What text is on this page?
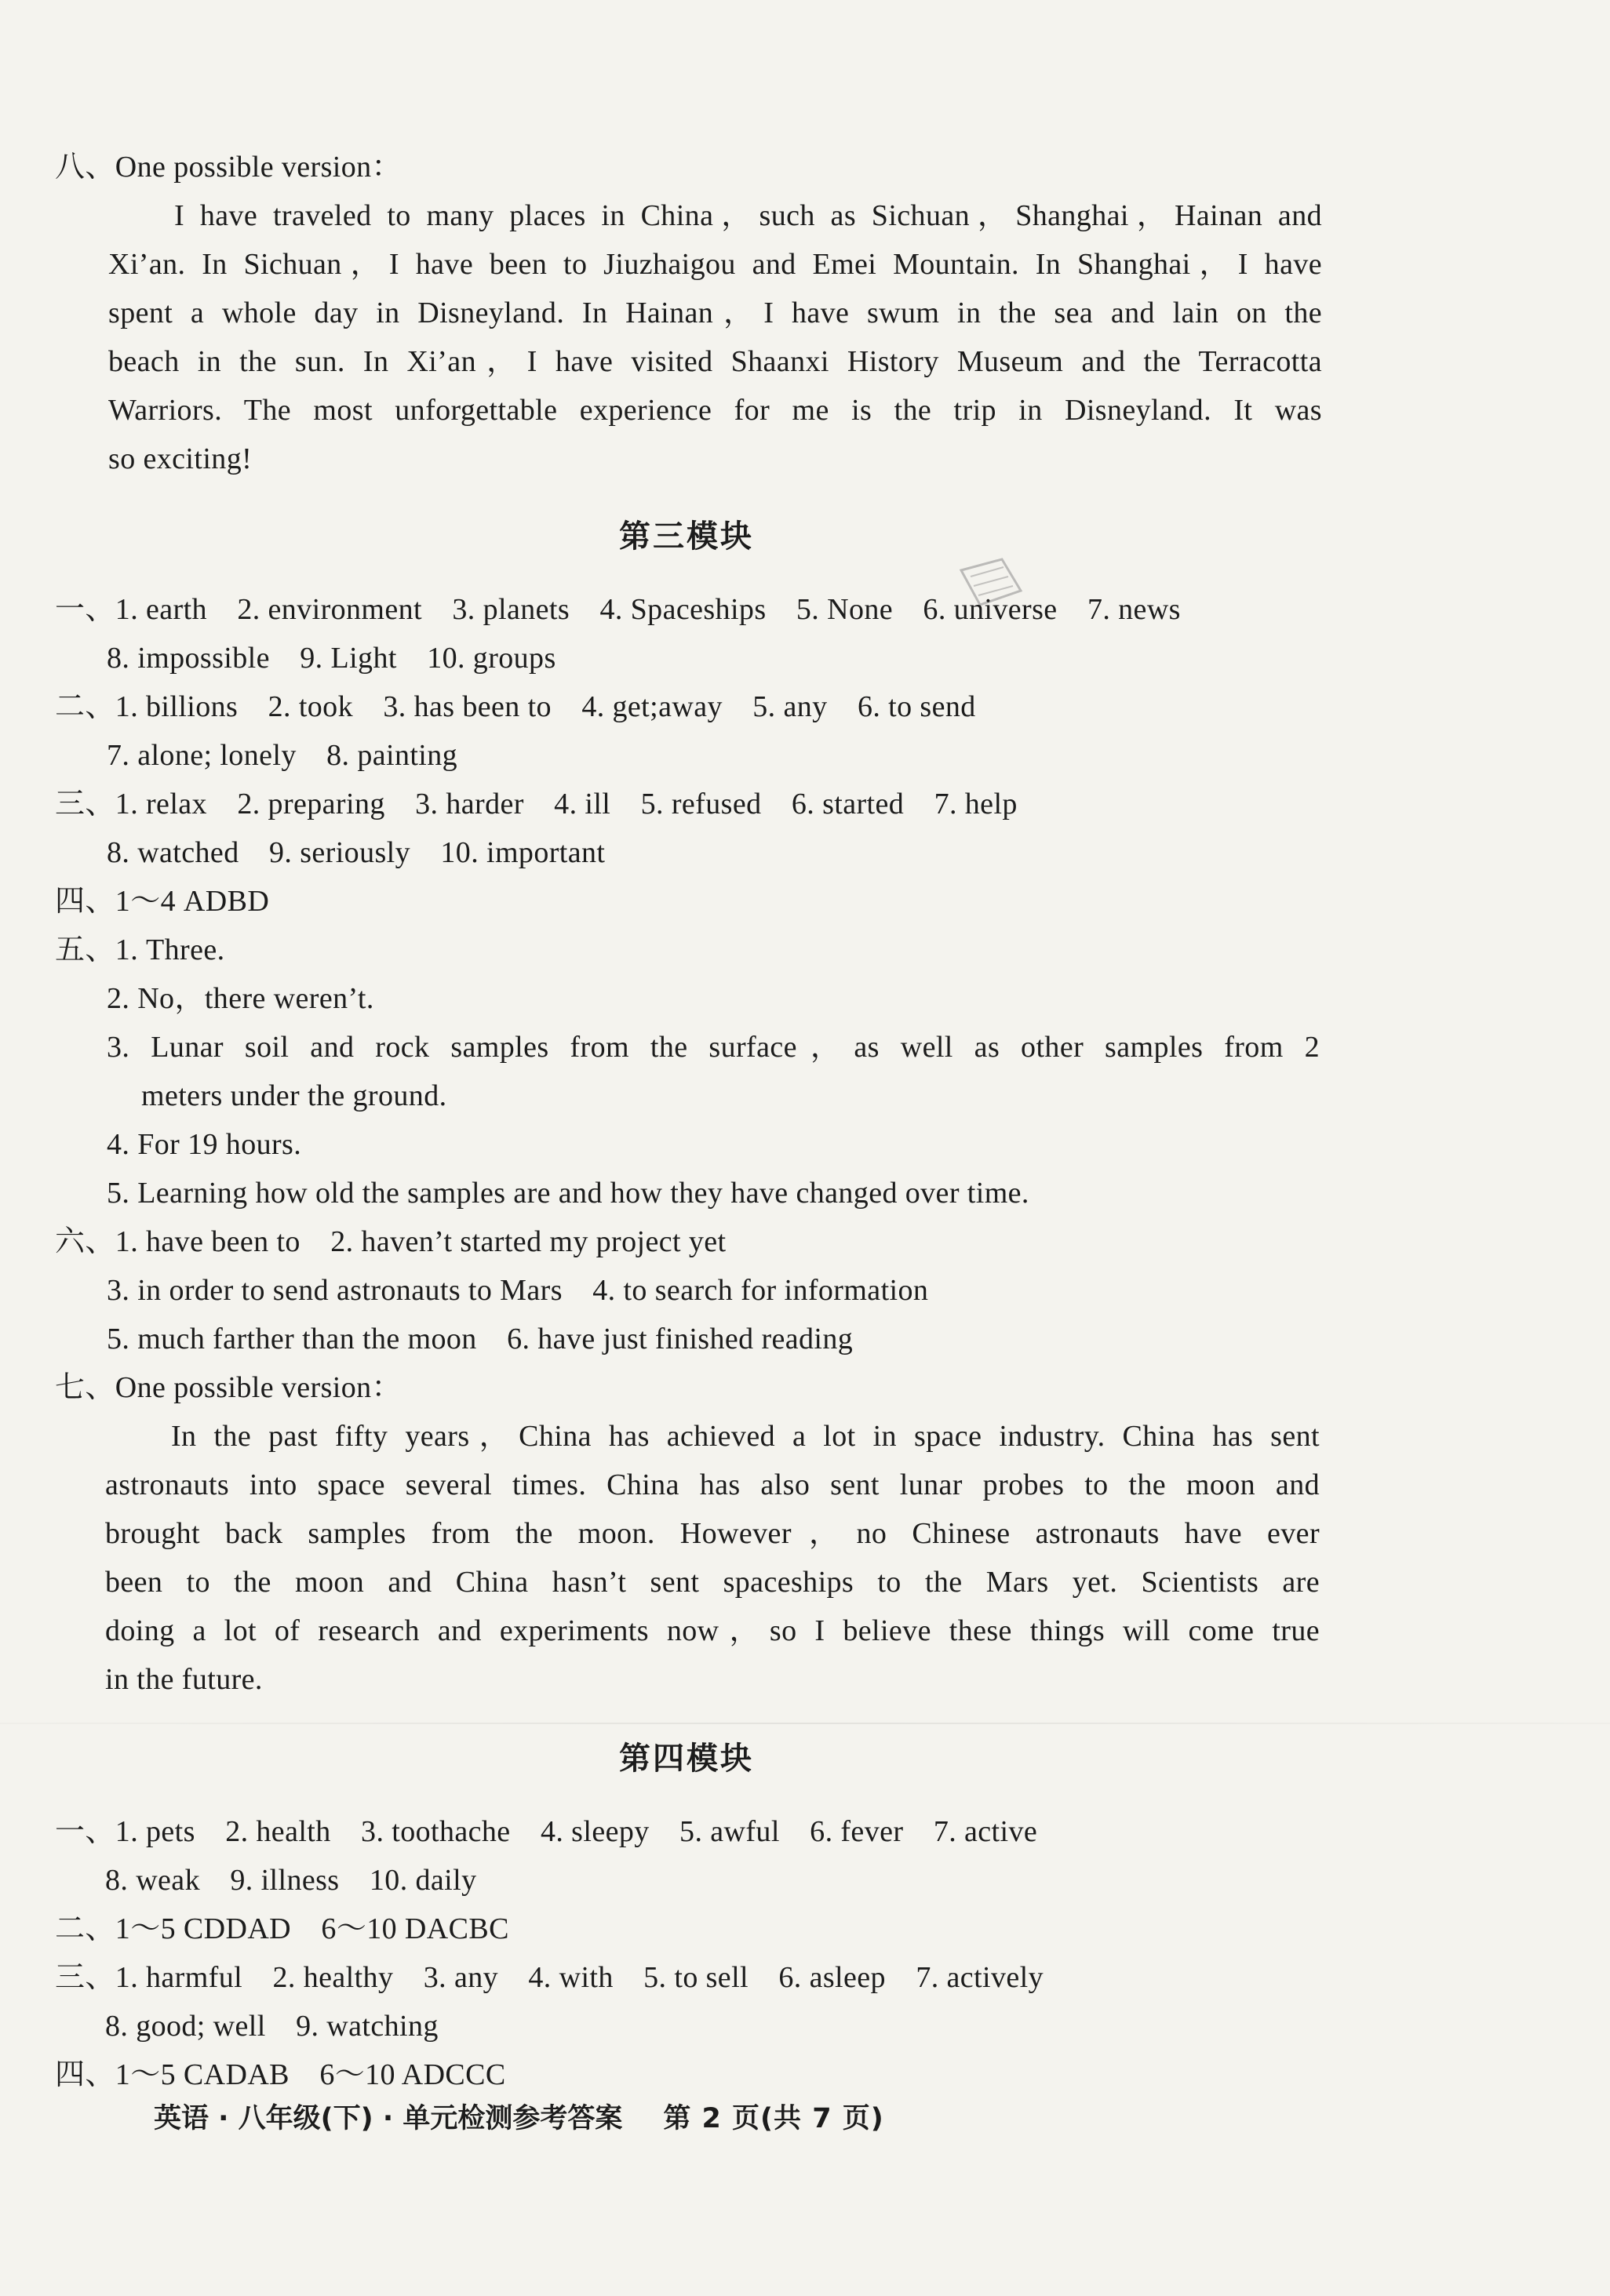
八、One possible version：
I have traveled to many places in China，such as Sichuan，Shanghai，Hainan and
Xi’an. In Sichuan，I have been to Jiuzhaigou and Emei Mountain. In Shanghai，I have
spent a whole day in Disneyland. In Hainan，I have swum in the sea and lain on the
beach in the sun. In Xi’an，I have visited Shaanxi History Museum and the Terracotta
Warriors. The most unforgettable experience for me is the trip in Disneyland. It was
so exciting!
第三模块
一、1. earth　2. environment　3. planets　4. Spaceships　5. None　6. universe　7. news
8. impossible　9. Light　10. groups
二、1. billions　2. took　3. has been to　4. get;away　5. any　6. to send
7. alone; lonely　8. painting
三、1. relax　2. preparing　3. harder　4. ill　5. refused　6. started　7. help
8. watched　9. seriously　10. important
四、1～4 ADBD
五、1. Three.
2. No，there weren’t.
3. Lunar soil and rock samples from the surface，as well as other samples from 2
meters under the ground.
4. For 19 hours.
5. Learning how old the samples are and how they have changed over time.
六、1. have been to　2. haven’t started my project yet
3. in order to send astronauts to Mars　4. to search for information
5. much farther than the moon　6. have just finished reading
七、One possible version：
In the past fifty years，China has achieved a lot in space industry. China has sent
astronauts into space several times. China has also sent lunar probes to the moon and
brought back samples from the moon. However，no Chinese astronauts have ever
been to the moon and China hasn’t sent spaceships to the Mars yet. Scientists are
doing a lot of research and experiments now，so I believe these things will come true
in the future.
第四模块
一、1. pets　2. health　3. toothache　4. sleepy　5. awful　6. fever　7. active
8. weak　9. illness　10. daily
二、1～5 CDDAD　6～10 DACBC
三、1. harmful　2. healthy　3. any　4. with　5. to sell　6. asleep　7. actively
8. good; well　9. watching
四、1～5 CADAB　6～10 ADCCC
英语 · 八年级(下) · 单元检测参考答案 第 2 页(共 7 页)
